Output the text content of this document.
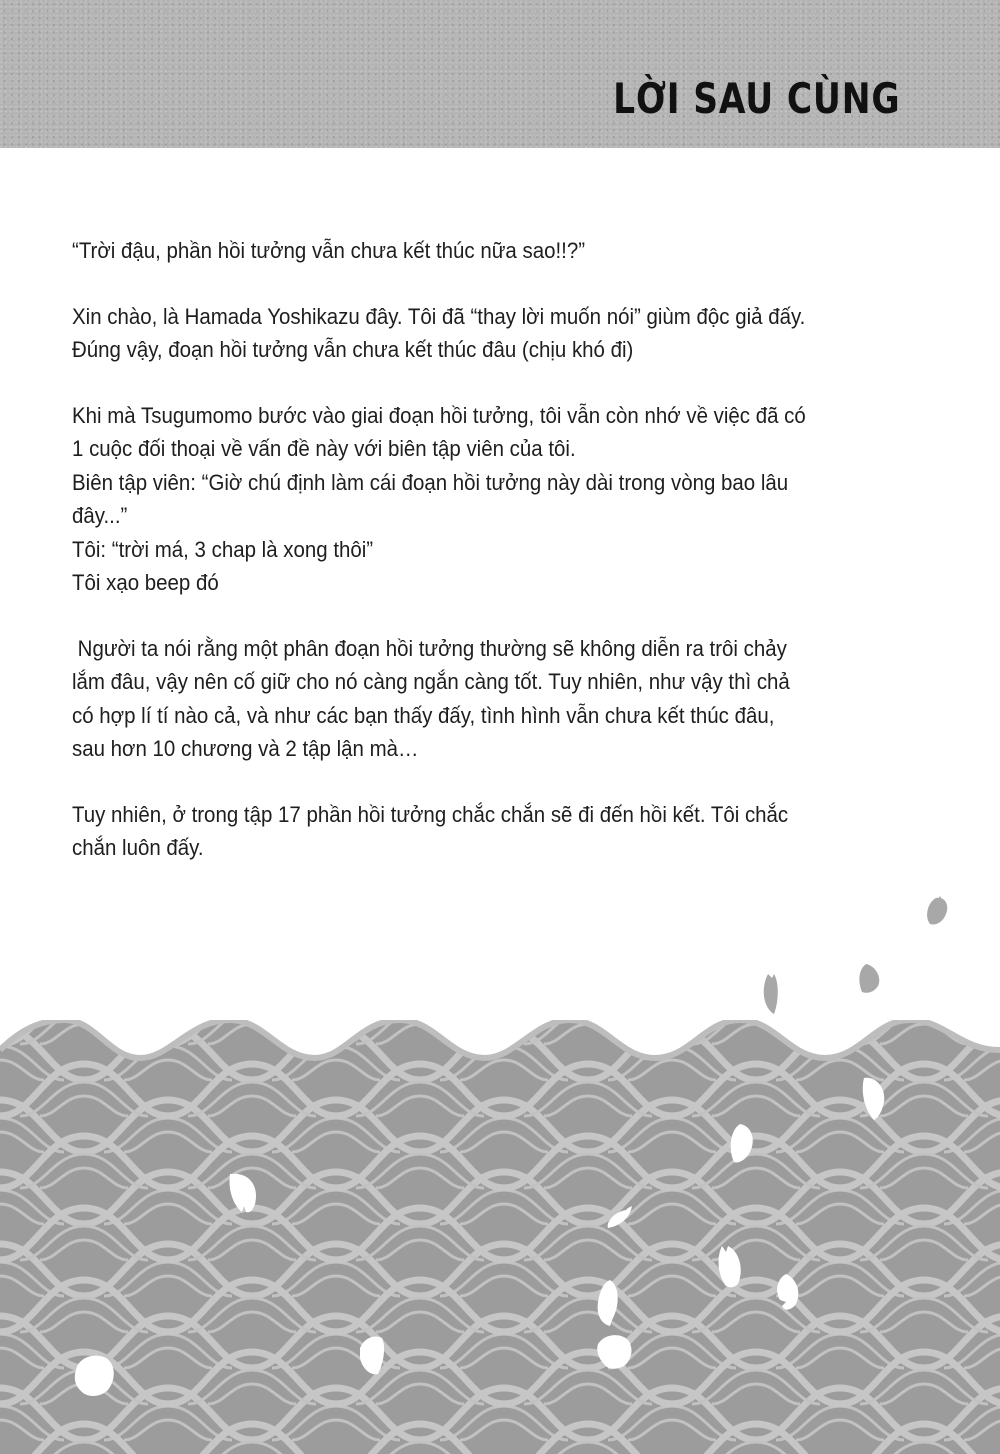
LỜI SAU CÙNG
“Trời đậu, phần hồi tưởng vẫn chưa kết thúc nữa sao!!?”
Xin chào, là Hamada Yoshikazu đây. Tôi đã “thay lời muốn nói” giùm độc giả đấy.
Đúng vậy, đoạn hồi tưởng vẫn chưa kết thúc đâu (chịu khó đi)
Khi mà Tsugumomo bước vào giai đoạn hồi tưởng, tôi vẫn còn nhớ về việc đã có
1 cuộc đối thoại về vấn đề này với biên tập viên của tôi.
Biên tập viên: “Giờ chú định làm cái đoạn hồi tưởng này dài trong vòng bao lâu
đây...”
Tôi: “trời má, 3 chap là xong thôi”
Tôi xạo beep đó
Người ta nói rằng một phân đoạn hồi tưởng thường sẽ không diễn ra trôi chảy
lắm đâu, vậy nên cố giữ cho nó càng ngắn càng tốt. Tuy nhiên, như vậy thì chả
có hợp lí tí nào cả, và như các bạn thấy đấy, tình hình vẫn chưa kết thúc đâu,
sau hơn 10 chương và 2 tập lận mà…
Tuy nhiên, ở trong tập 17 phần hồi tưởng chắc chắn sẽ đi đến hồi kết. Tôi chắc
chắn luôn đấy.
